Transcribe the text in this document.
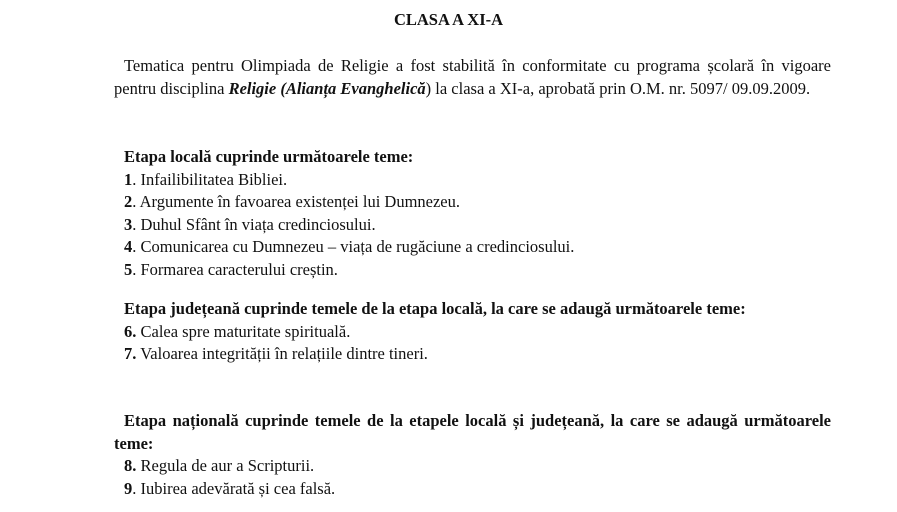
CLASA A XI-A

Tematica pentru Olimpiada de Religie a fost stabilită în conformitate cu programa școlară în vigoare pentru disciplina Religie (Alianța Evanghelică) la clasa a XI-a, aprobată prin O.M. nr. 5097/ 09.09.2009.

Etapa locală cuprinde următoarele teme:
1. Infailibilitatea Bibliei.
2. Argumente în favoarea existenței lui Dumnezeu.
3. Duhul Sfânt în viața credinciosului.
4. Comunicarea cu Dumnezeu – viața de rugăciune a credinciosului.
5. Formarea caracterului creștin.
Etapa județeană cuprinde temele de la etapa locală, la care se adaugă următoarele teme:
6. Calea spre maturitate spirituală.
7. Valoarea integrității în relațiile dintre tineri.
Etapa națională cuprinde temele de la etapele locală și județeană, la care se adaugă următoarele teme:
8. Regula de aur a Scripturii.
9. Iubirea adevărată și cea falsă.
